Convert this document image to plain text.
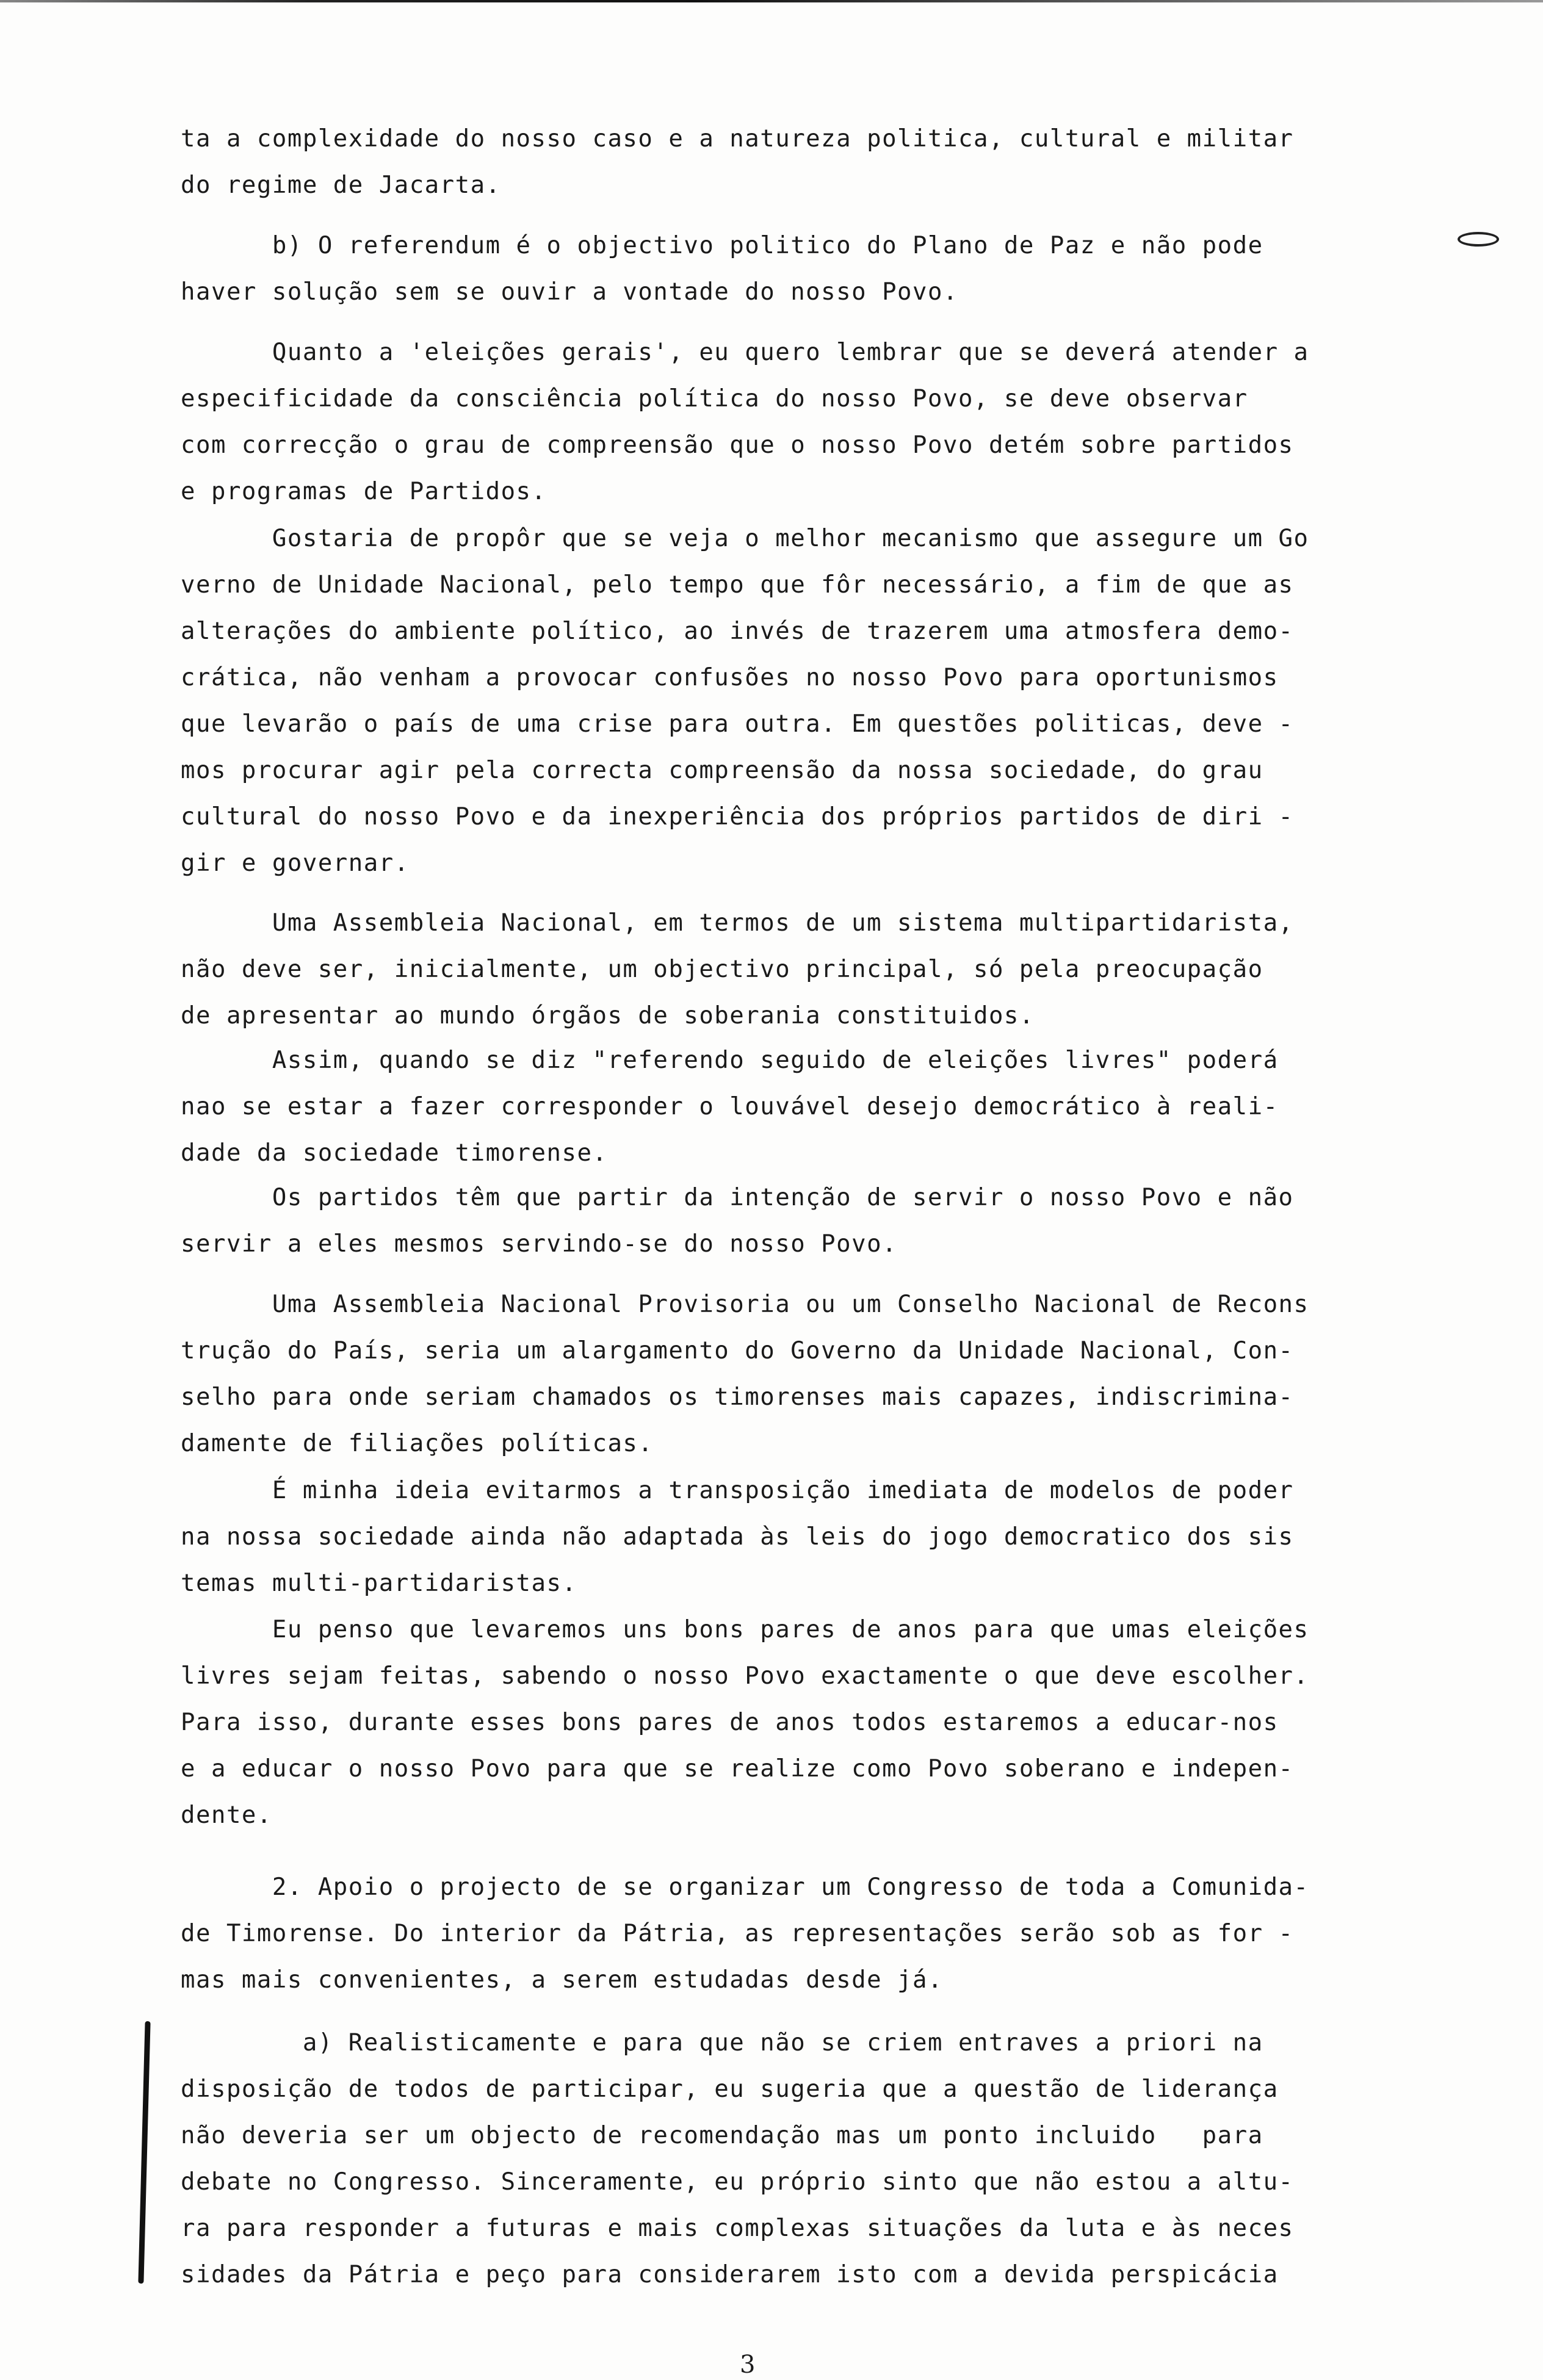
ta a complexidade do nosso caso e a natureza politica, cultural e militar
do regime de Jacarta.

b) O referendum é o objectivo politico do Plano de Paz e não pode
haver solução sem se ouvir a vontade do nosso Povo.

Quanto a 'eleições gerais', eu quero lembrar que se deverá atender a
especificidade da consciência política do nosso Povo, se deve observar
com correcção o grau de compreensão que o nosso Povo detém sobre partidos
e programas de Partidos.

Gostaria de propôr que se veja o melhor mecanismo que assegure um Go
verno de Unidade Nacional, pelo tempo que fôr necessário, a fim de que as
alterações do ambiente político, ao invés de trazerem uma atmosfera demo-
crática, não venham a provocar confusões no nosso Povo para oportunismos
que levarão o país de uma crise para outra. Em questões politicas, deve -
mos procurar agir pela correcta compreensão da nossa sociedade, do grau
cultural do nosso Povo e da inexperiência dos próprios partidos de diri -
gir e governar.

Uma Assembleia Nacional, em termos de um sistema multipartidarista,
não deve ser, inicialmente, um objectivo principal, só pela preocupação
de apresentar ao mundo órgãos de soberania constituidos.

Assim, quando se diz "referendo seguido de eleições livres" poderá
nao se estar a fazer corresponder o louvável desejo democrático à reali-
dade da sociedade timorense.

Os partidos têm que partir da intenção de servir o nosso Povo e não
servir a eles mesmos servindo-se do nosso Povo.

Uma Assembleia Nacional Provisoria ou um Conselho Nacional de Recons
trução do País, seria um alargamento do Governo da Unidade Nacional, Con-
selho para onde seriam chamados os timorenses mais capazes, indiscrimina-
damente de filiações políticas.

É minha ideia evitarmos a transposição imediata de modelos de poder
na nossa sociedade ainda não adaptada às leis do jogo democratico dos sis
temas multi-partidaristas.

Eu penso que levaremos uns bons pares de anos para que umas eleições
livres sejam feitas, sabendo o nosso Povo exactamente o que deve escolher.
Para isso, durante esses bons pares de anos todos estaremos a educar-nos
e a educar o nosso Povo para que se realize como Povo soberano e indepen-
dente.

2. Apoio o projecto de se organizar um Congresso de toda a Comunida-
de Timorense. Do interior da Pátria, as representações serão sob as for -
mas mais convenientes, a serem estudadas desde já.

a) Realisticamente e para que não se criem entraves a priori na
disposição de todos de participar, eu sugeria que a questão de liderança
não deveria ser um objecto de recomendação mas um ponto incluido   para
debate no Congresso. Sinceramente, eu próprio sinto que não estou a altu-
ra para responder a futuras e mais complexas situações da luta e às neces
sidades da Pátria e peço para considerarem isto com a devida perspicácia

3
